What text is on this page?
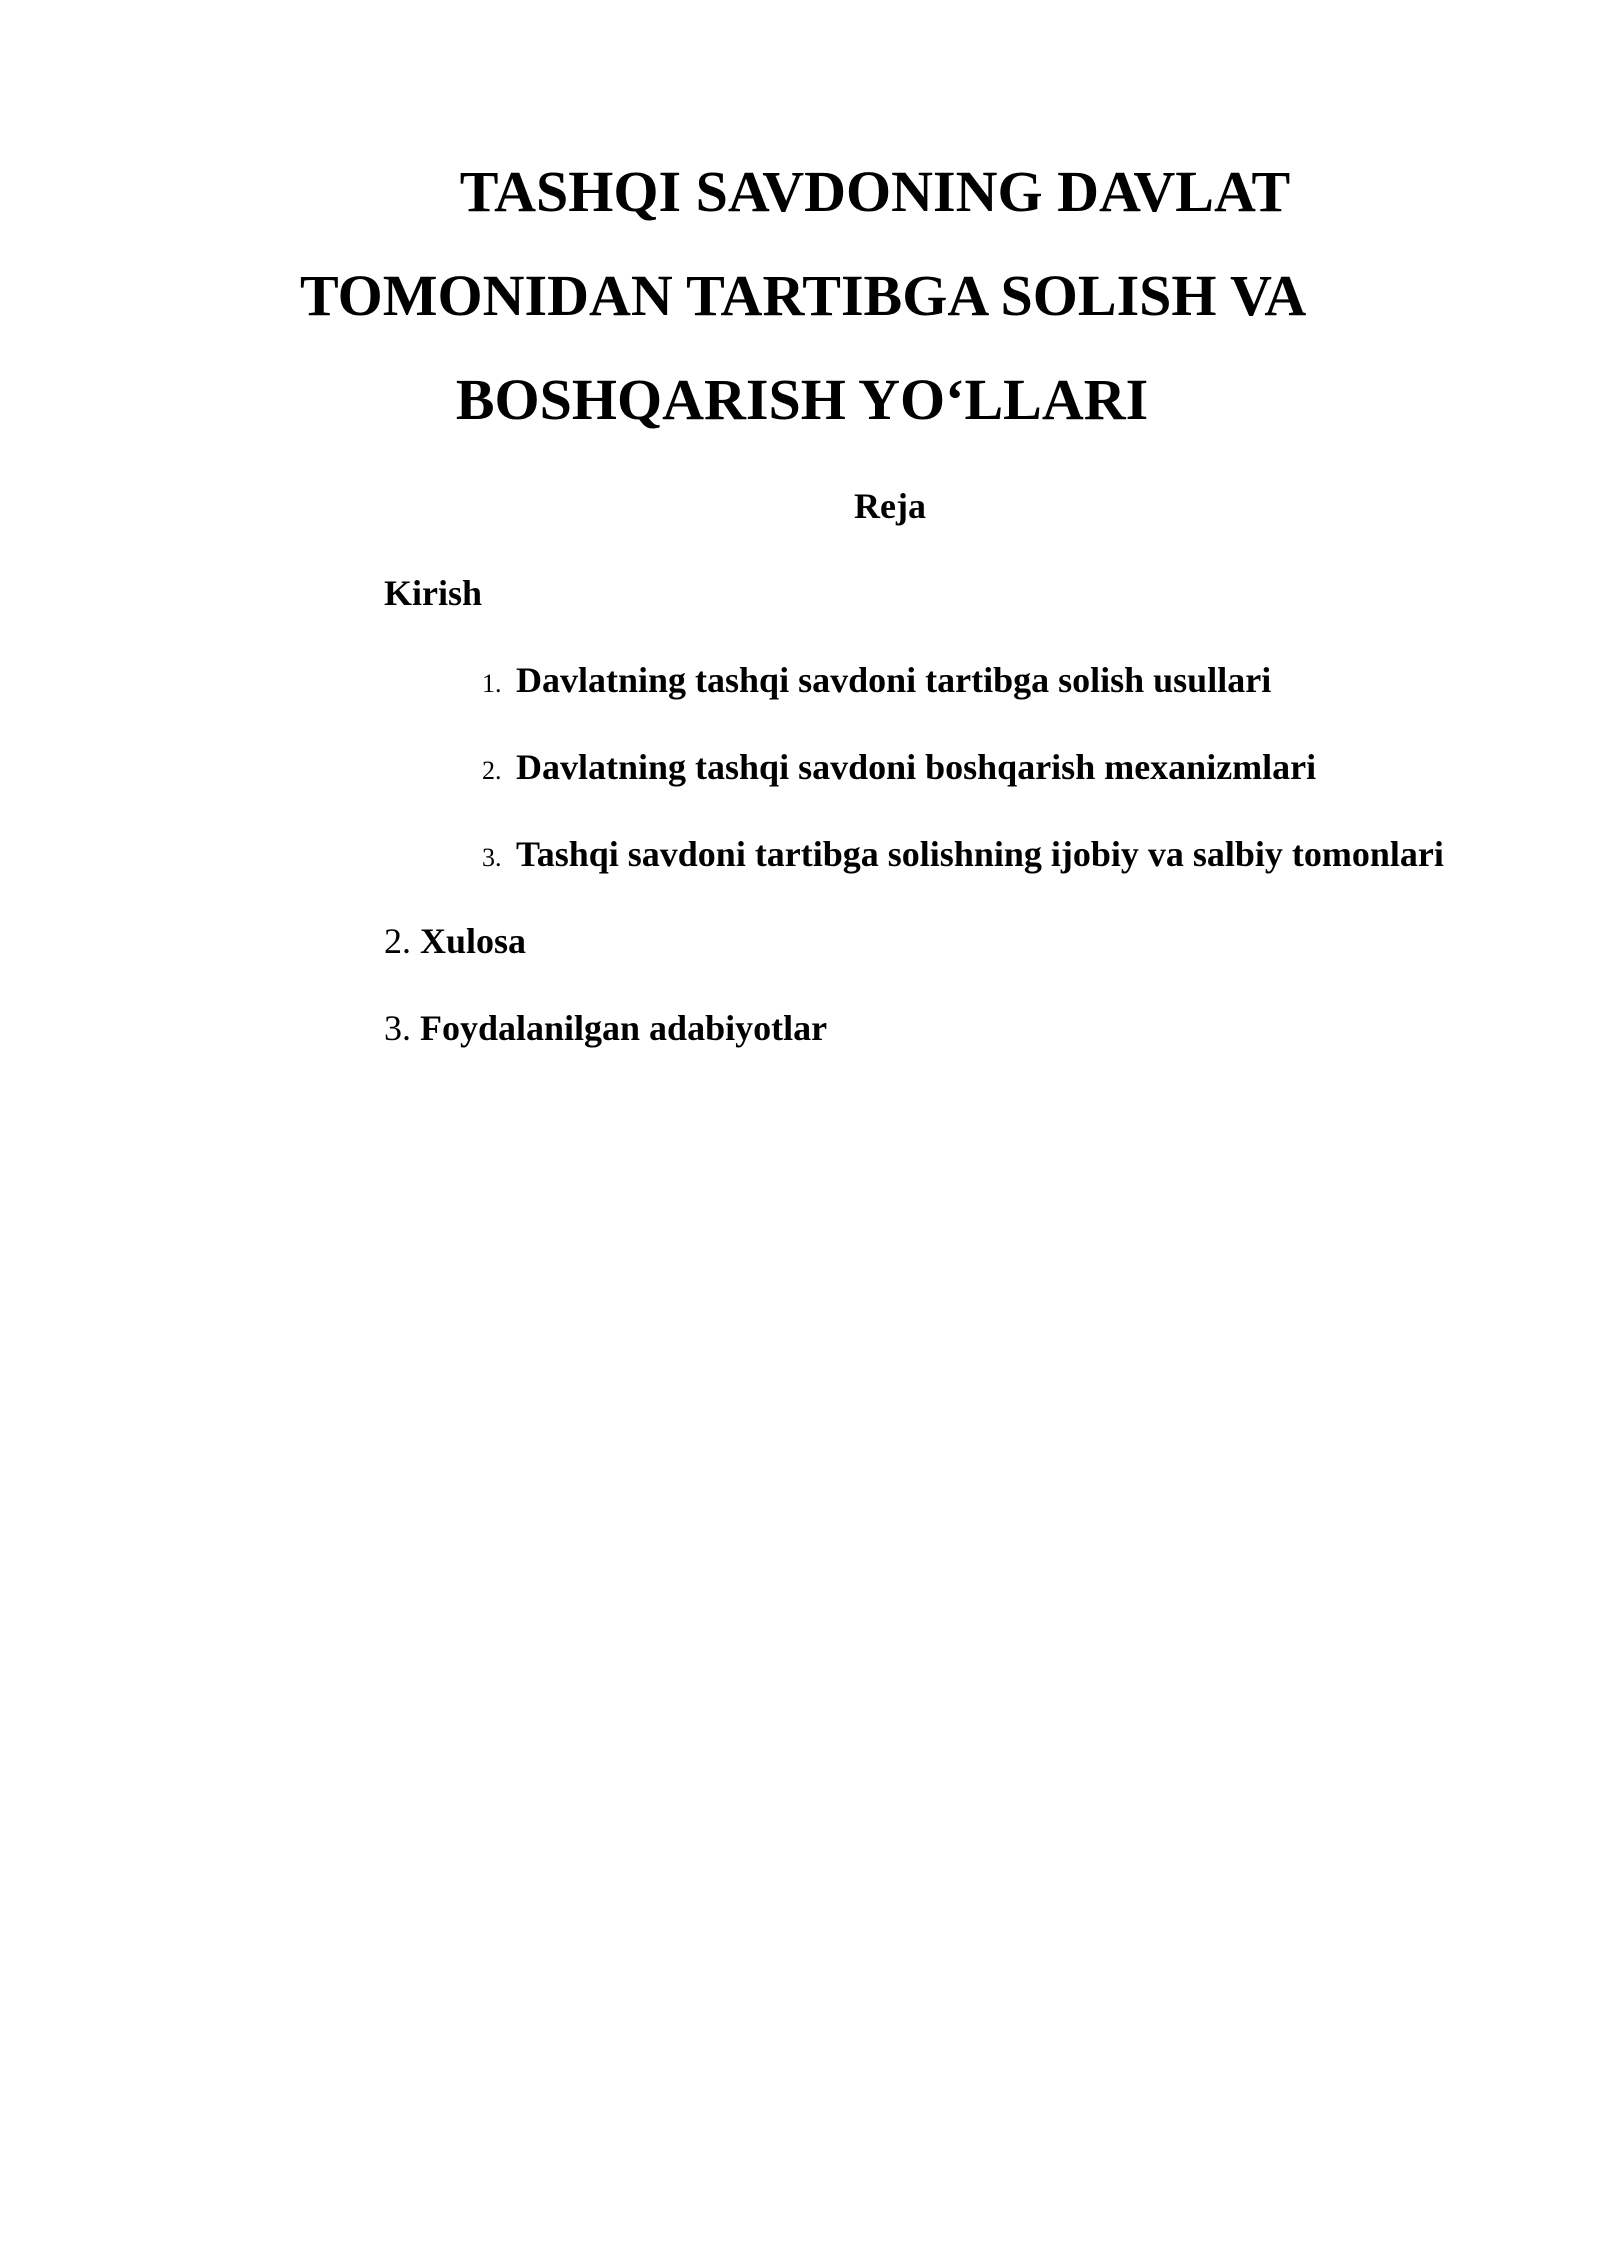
TASHQI SAVDONING DAVLAT
TOMONIDAN TARTIBGA SOLISH VA
BOSHQARISH YO‘LLARI

Reja

Kirish

1. Davlatning tashqi savdoni tartibga solish usullari
2. Davlatning tashqi savdoni boshqarish mexanizmlari
3. Tashqi savdoni tartibga solishning ijobiy va salbiy tomonlari
2. Xulosa
3. Foydalanilgan adabiyotlar
